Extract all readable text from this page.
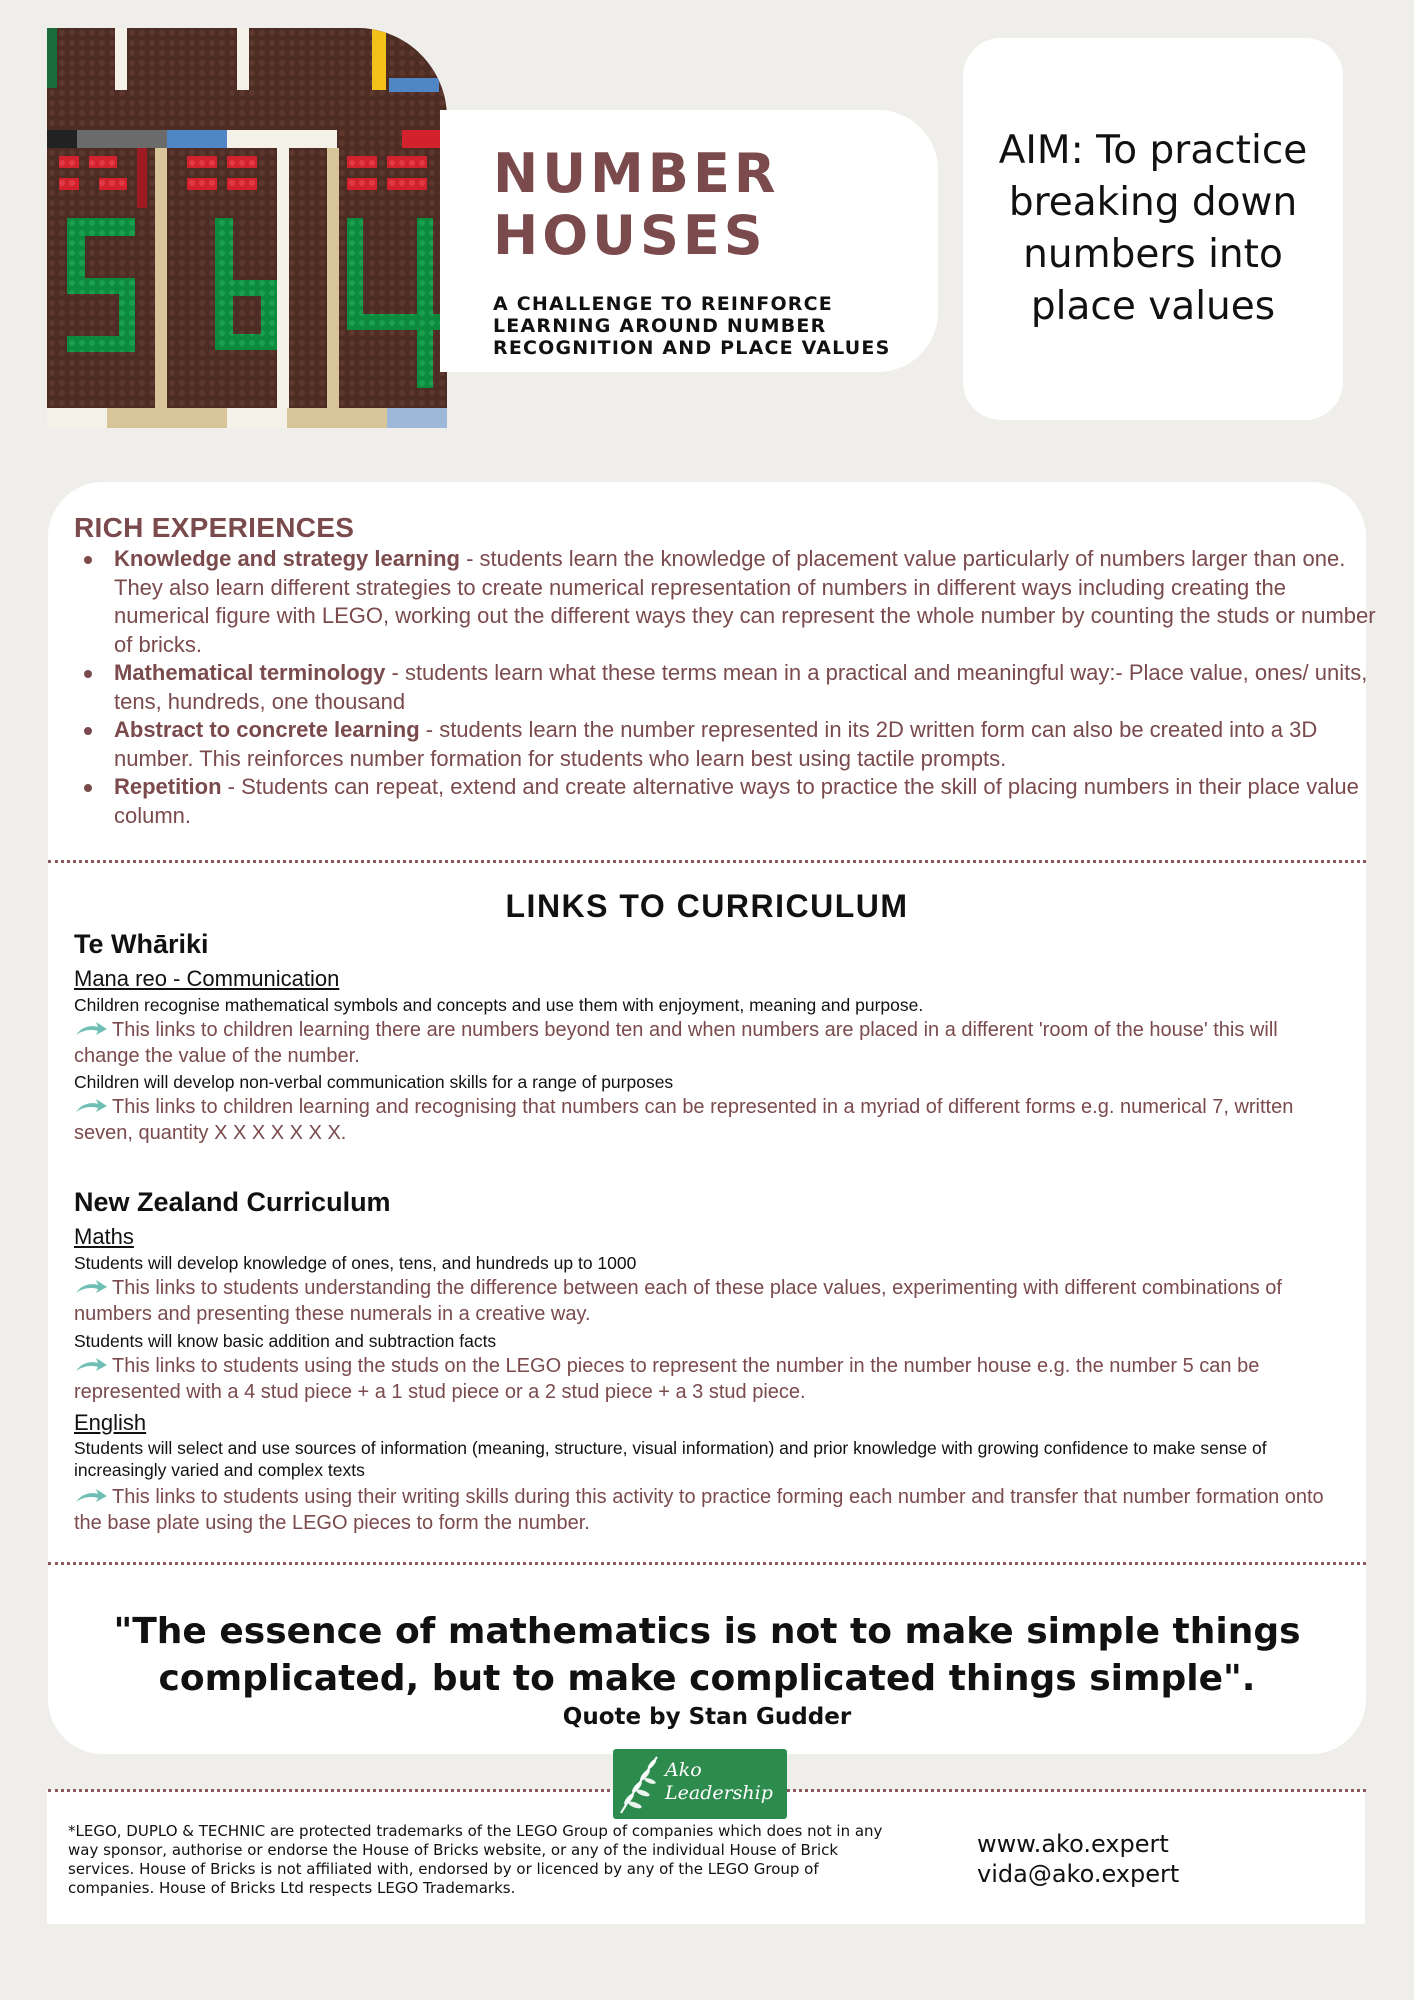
NUMBER
HOUSES

A CHALLENGE TO REINFORCE
LEARNING AROUND NUMBER
RECOGNITION AND PLACE VALUES

AIM: To practice breaking down numbers into place values

RICH EXPERIENCES
Knowledge and strategy learning - students learn the knowledge of placement value particularly of numbers larger than one. They also learn different strategies to create numerical representation of numbers in different ways including creating the numerical figure with LEGO, working out the different ways they can represent the whole number by counting the studs or number of bricks.
Mathematical terminology - students learn what these terms mean in a practical and meaningful way:- Place value, ones/ units, tens, hundreds, one thousand
Abstract to concrete learning - students learn the number represented in its 2D written form can also be created into a 3D number. This reinforces number formation for students who learn best using tactile prompts.
Repetition - Students can repeat, extend and create alternative ways to practice the skill of placing numbers in their place value column.
LINKS TO CURRICULUM
Te Whāriki

Mana reo - Communication

Children recognise mathematical symbols and concepts and use them with enjoyment, meaning and purpose.

This links to children learning there are numbers beyond ten and when numbers are placed in a different 'room of the house' this will change the value of the number.

Children will develop non-verbal communication skills for a range of purposes

This links to children learning and recognising that numbers can be represented in a myriad of different forms e.g. numerical 7, written seven, quantity X X X X X X X.

New Zealand Curriculum

Maths

Students will develop knowledge of ones, tens, and hundreds up to 1000

This links to students understanding the difference between each of these place values, experimenting with different combinations of numbers and presenting these numerals in a creative way.

Students will know basic addition and subtraction facts

This links to students using the studs on the LEGO pieces to represent the number in the number house e.g. the number 5 can be represented with a 4 stud piece + a 1 stud piece or a 2 stud piece + a 3 stud piece.

English

Students will select and use sources of information (meaning, structure, visual information) and prior knowledge with growing confidence to make sense of increasingly varied and complex texts

This links to students using their writing skills during this activity to practice forming each number and transfer that number formation onto the base plate using the LEGO pieces to form the number.

"The essence of mathematics is not to make simple things
complicated, but to make complicated things simple".

Quote by Stan Gudder

Ako
Leadership

*LEGO, DUPLO & TECHNIC are protected trademarks of the LEGO Group of companies which does not in any way sponsor, authorise or endorse the House of Bricks website, or any of the individual House of Brick services. House of Bricks is not affiliated with, endorsed by or licenced by any of the LEGO Group of companies. House of Bricks Ltd respects LEGO Trademarks.

www.ako.expert

vida@ako.expert
